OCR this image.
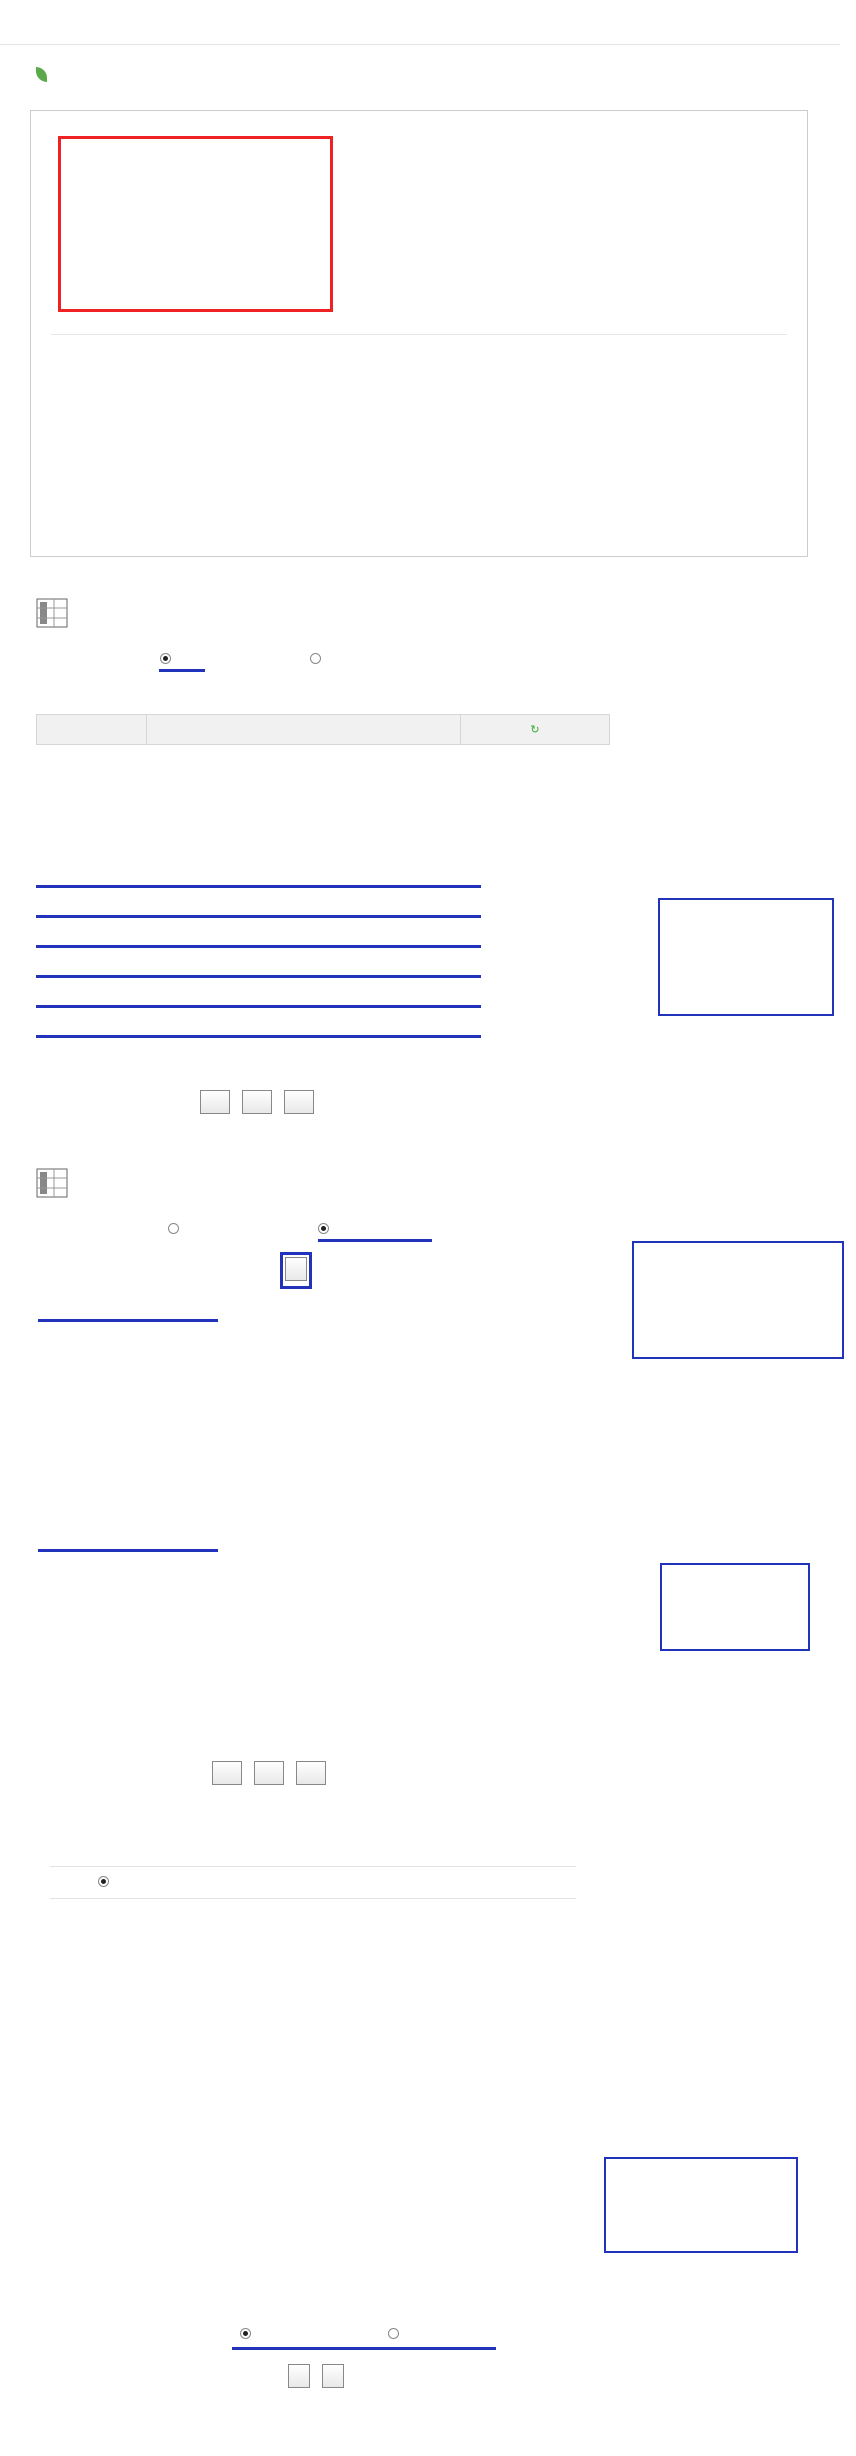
		↻
